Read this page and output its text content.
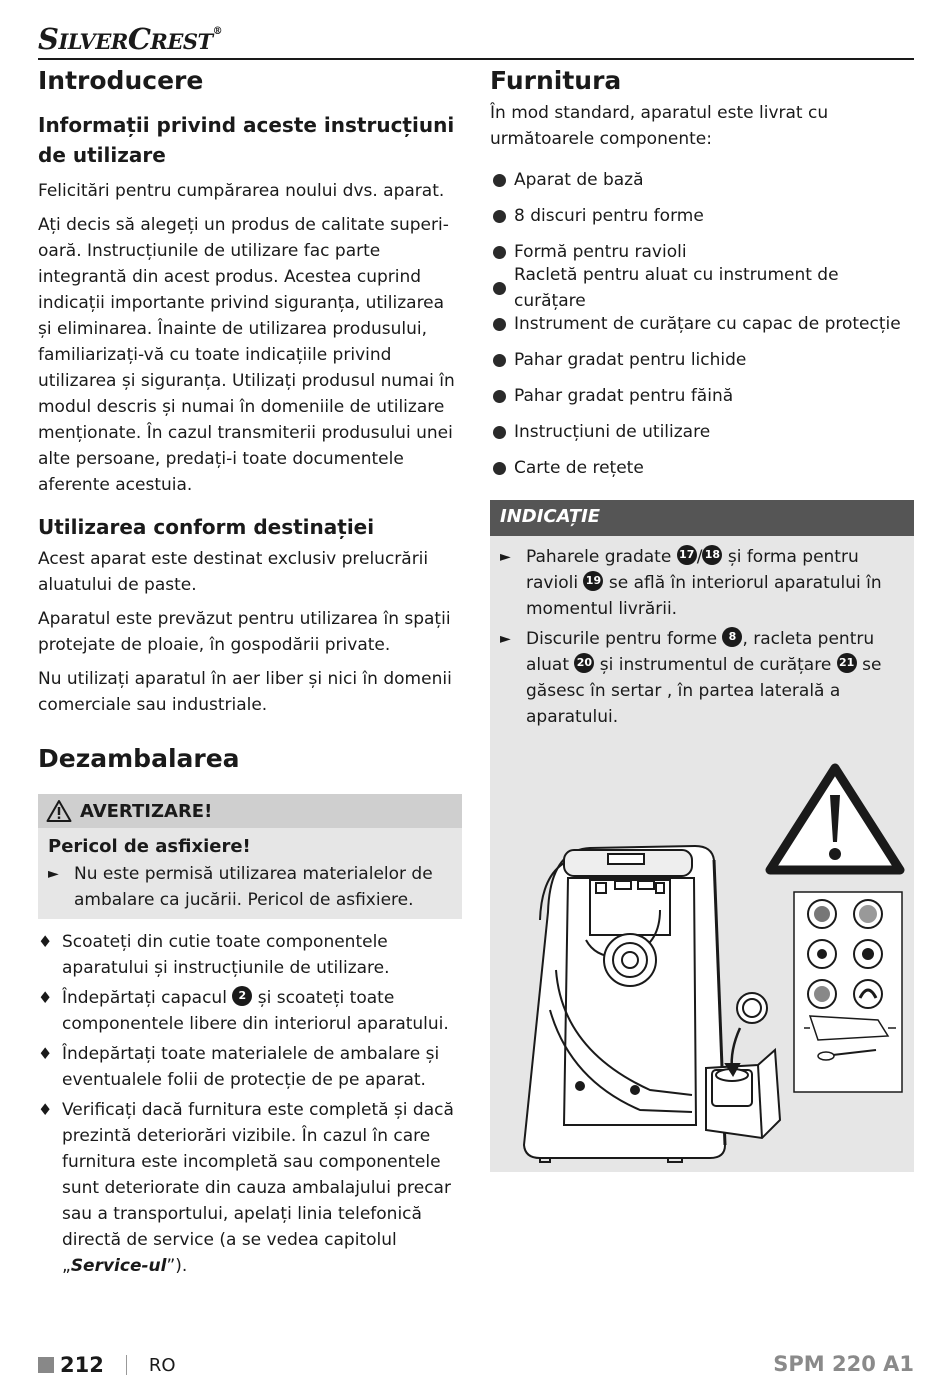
SILVERCREST®
Introducere
Informații privind aceste instrucțiuni de utilizare

Felicitări pentru cumpărarea noului dvs. aparat.

Ați decis să alegeți un produs de calitate superioară. Instrucțiunile de utilizare fac parte integrantă din acest produs. Acestea cuprind indicații importante privind siguranța, utilizarea și eliminarea. Înainte de utilizarea produsului, familiarizați-vă cu toate indicațiile privind utilizarea și siguranța. Utilizați produsul numai în modul descris și numai în domeniile de utilizare menționate. În cazul transmiterii produsului unei alte persoane, predați-i toate documentele aferente acestuia.

Utilizarea conform destinației

Acest aparat este destinat exclusiv prelucrării aluatului de paste.

Aparatul este prevăzut pentru utilizarea în spații protejate de ploaie, în gospodării private.

Nu utilizați aparatul în aer liber și nici în domenii comerciale sau industriale.

Dezambalarea
AVERTIZARE!
Pericol de asfixiere!
► Nu este permisă utilizarea materialelor de ambalare ca jucării. Pericol de asfixiere.
♦ Scoateți din cutie toate componentele aparatului și instrucțiunile de utilizare.
♦ Îndepărtați capacul 2 și scoateți toate componentele libere din interiorul aparatului.
♦ Îndepărtați toate materialele de ambalare și eventualele folii de protecție de pe aparat.
♦ Verificați dacă furnitura este completă și dacă prezintă deteriorări vizibile. În cazul în care furnitura este incompletă sau componentele sunt deteriorate din cauza ambalajului precar sau a transportului, apelați linia telefonică directă de service (a se vedea capitolul „Service-ul”).
Furnitura

În mod standard, aparatul este livrat cu următoarele componente:

Aparat de bază
8 discuri pentru forme
Formă pentru ravioli
Racletă pentru aluat cu instrument de curățare
Instrument de curățare cu capac de protecție
Pahar gradat pentru lichide
Pahar gradat pentru făină
Instrucțiuni de utilizare
Carte de rețete
INDICAȚIE
► Paharele gradate 17 / 18 și forma pentru ravioli 19 se află în interiorul aparatului în momentul livrării.
► Discurile pentru forme 8 , racleta pentru aluat 20 și instrumentul de curățare 21 se găsesc în sertar , în partea laterală a aparatului.
212	RO	SPM 220 A1
